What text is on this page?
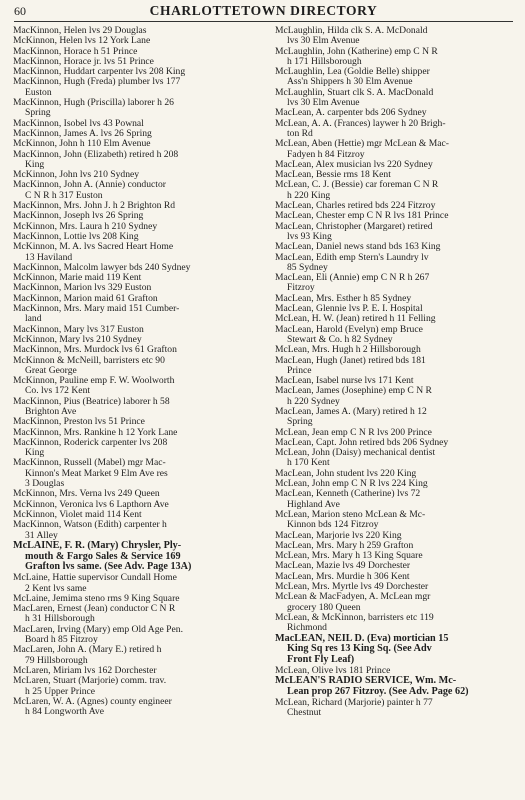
60	CHARLOTTETOWN DIRECTORY
MacKinnon, Helen lvs 29 Douglas
McKinnon, Helen lvs 12 York Lane
MacKinnon, Horace h 51 Prince
MacKinnon, Horace jr. lvs 51 Prince
MacKinnon, Huddart carpenter lvs 208 King
MacKinnon, Hugh (Freda) plumber lvs 177
Euston
MacKinnon, Hugh (Priscilla) laborer h 26
Spring
MacKinnon, Isobel lvs 43 Pownal
MacKinnon, James A. lvs 26 Spring
McKinnon, John h 110 Elm Avenue
MacKinnon, John (Elizabeth) retired h 208
King
McKinnon, John lvs 210 Sydney
MacKinnon, John A. (Annie) conductor
C N R h 317 Euston
MacKinnon, Mrs. John J. h 2 Brighton Rd
MacKinnon, Joseph lvs 26 Spring
McKinnon, Mrs. Laura h 210 Sydney
MacKinnon, Lottie lvs 208 King
McKinnon, M. A. lvs Sacred Heart Home
13 Haviland
MacKinnon, Malcolm lawyer bds 240 Sydney
McKinnon, Marie maid 119 Kent
MacKinnon, Marion lvs 329 Euston
MacKinnon, Marion maid 61 Grafton
MacKinnon, Mrs. Mary maid 151 Cumber-
land
MacKinnon, Mary lvs 317 Euston
McKinnon, Mary lvs 210 Sydney
MacKinnon, Mrs. Murdock lvs 61 Grafton
McKinnon & McNeill, barristers etc 90
Great George
McKinnon, Pauline emp F. W. Woolworth
Co. lvs 172 Kent
MacKinnon, Pius (Beatrice) laborer h 58
Brighton Ave
MacKinnon, Preston lvs 51 Prince
MacKinnon, Mrs. Rankine h 12 York Lane
MacKinnon, Roderick carpenter lvs 208
King
MacKinnon, Russell (Mabel) mgr Mac-
Kinnon's Meat Market 9 Elm Ave res
3 Douglas
McKinnon, Mrs. Verna lvs 249 Queen
McKinnon, Veronica lvs 6 Lapthorn Ave
McKinnon, Violet maid 114 Kent
MacKinnon, Watson (Edith) carpenter h
31 Alley
McLAINE, F. R. (Mary) Chrysler, Ply-
mouth & Fargo Sales & Service 169
Grafton lvs same. (See Adv. Page 13A)
McLaine, Hattie supervisor Cundall Home
2 Kent lvs same
McLaine, Jemima steno rms 9 King Square
MacLaren, Ernest (Jean) conductor C N R
h 31 Hillsborough
MacLaren, Irving (Mary) emp Old Age Pen.
Board h 85 Fitzroy
MacLaren, John A. (Mary E.) retired h
79 Hillsborough
McLaren, Miriam lvs 162 Dorchester
McLaren, Stuart (Marjorie) comm. trav.
h 25 Upper Prince
McLaren, W. A. (Agnes) county engineer
h 84 Longworth Ave
McLaughlin, Hilda clk S. A. McDonald
lvs 30 Elm Avenue
McLaughlin, John (Katherine) emp C N R
h 171 Hillsborough
McLaughlin, Lea (Goldie Belle) shipper
Ass'n Shippers h 30 Elm Avenue
McLaughlin, Stuart clk S. A. MacDonald
lvs 30 Elm Avenue
MacLean, A. carpenter bds 206 Sydney
McLean, A. A. (Frances) laywer h 20 Brigh-
ton Rd
McLean, Aben (Hettie) mgr McLean & Mac-
Fadyen h 84 Fitzroy
MacLean, Alex musician lvs 220 Sydney
MacLean, Bessie rms 18 Kent
McLean, C. J. (Bessie) car foreman C N R
h 220 King
MacLean, Charles retired bds 224 Fitzroy
MacLean, Chester emp C N R lvs 181 Prince
MacLean, Christopher (Margaret) retired
lvs 93 King
MacLean, Daniel news stand bds 163 King
MacLean, Edith emp Stern's Laundry lv
85 Sydney
MacLean, Eli (Annie) emp C N R h 267
Fitzroy
MacLean, Mrs. Esther h 85 Sydney
MacLean, Glennie lvs P. E. I. Hospital
McLean, H. W. (Jean) retired h 11 Felling
MacLean, Harold (Evelyn) emp Bruce
Stewart & Co. h 82 Sydney
McLean, Mrs. Hugh h 2 Hillsborough
MacLean, Hugh (Janet) retired bds 181
Prince
MacLean, Isabel nurse lvs 171 Kent
MacLean, James (Josephine) emp C N R
h 220 Sydney
MacLean, James A. (Mary) retired h 12
Spring
McLean, Jean emp C N R lvs 200 Prince
MacLean, Capt. John retired bds 206 Sydney
McLean, John (Daisy) mechanical dentist
h 170 Kent
MacLean, John student lvs 220 King
McLean, John emp C N R lvs 224 King
MacLean, Kenneth (Catherine) lvs 72
Highland Ave
McLean, Marion steno McLean & Mc-
Kinnon bds 124 Fitzroy
MacLean, Marjorie lvs 220 King
MacLean, Mrs. Mary h 259 Grafton
McLean, Mrs. Mary h 13 King Square
MacLean, Mazie lvs 49 Dorchester
MacLean, Mrs. Murdie h 306 Kent
McLean, Mrs. Myrtle lvs 49 Dorchester
McLean & MacFadyen, A. McLean mgr
grocery 180 Queen
McLean, & McKinnon, barristers etc 119
Richmond
MacLEAN, NEIL D. (Eva) mortician 15
King Sq res 13 King Sq. (See Adv
Front Fly Leaf)
McLean, Olive lvs 181 Prince
McLEAN'S RADIO SERVICE, Wm. Mc-
Lean prop 267 Fitzroy. (See Adv. Page 62)
McLean, Richard (Marjorie) painter h 77
Chestnut
